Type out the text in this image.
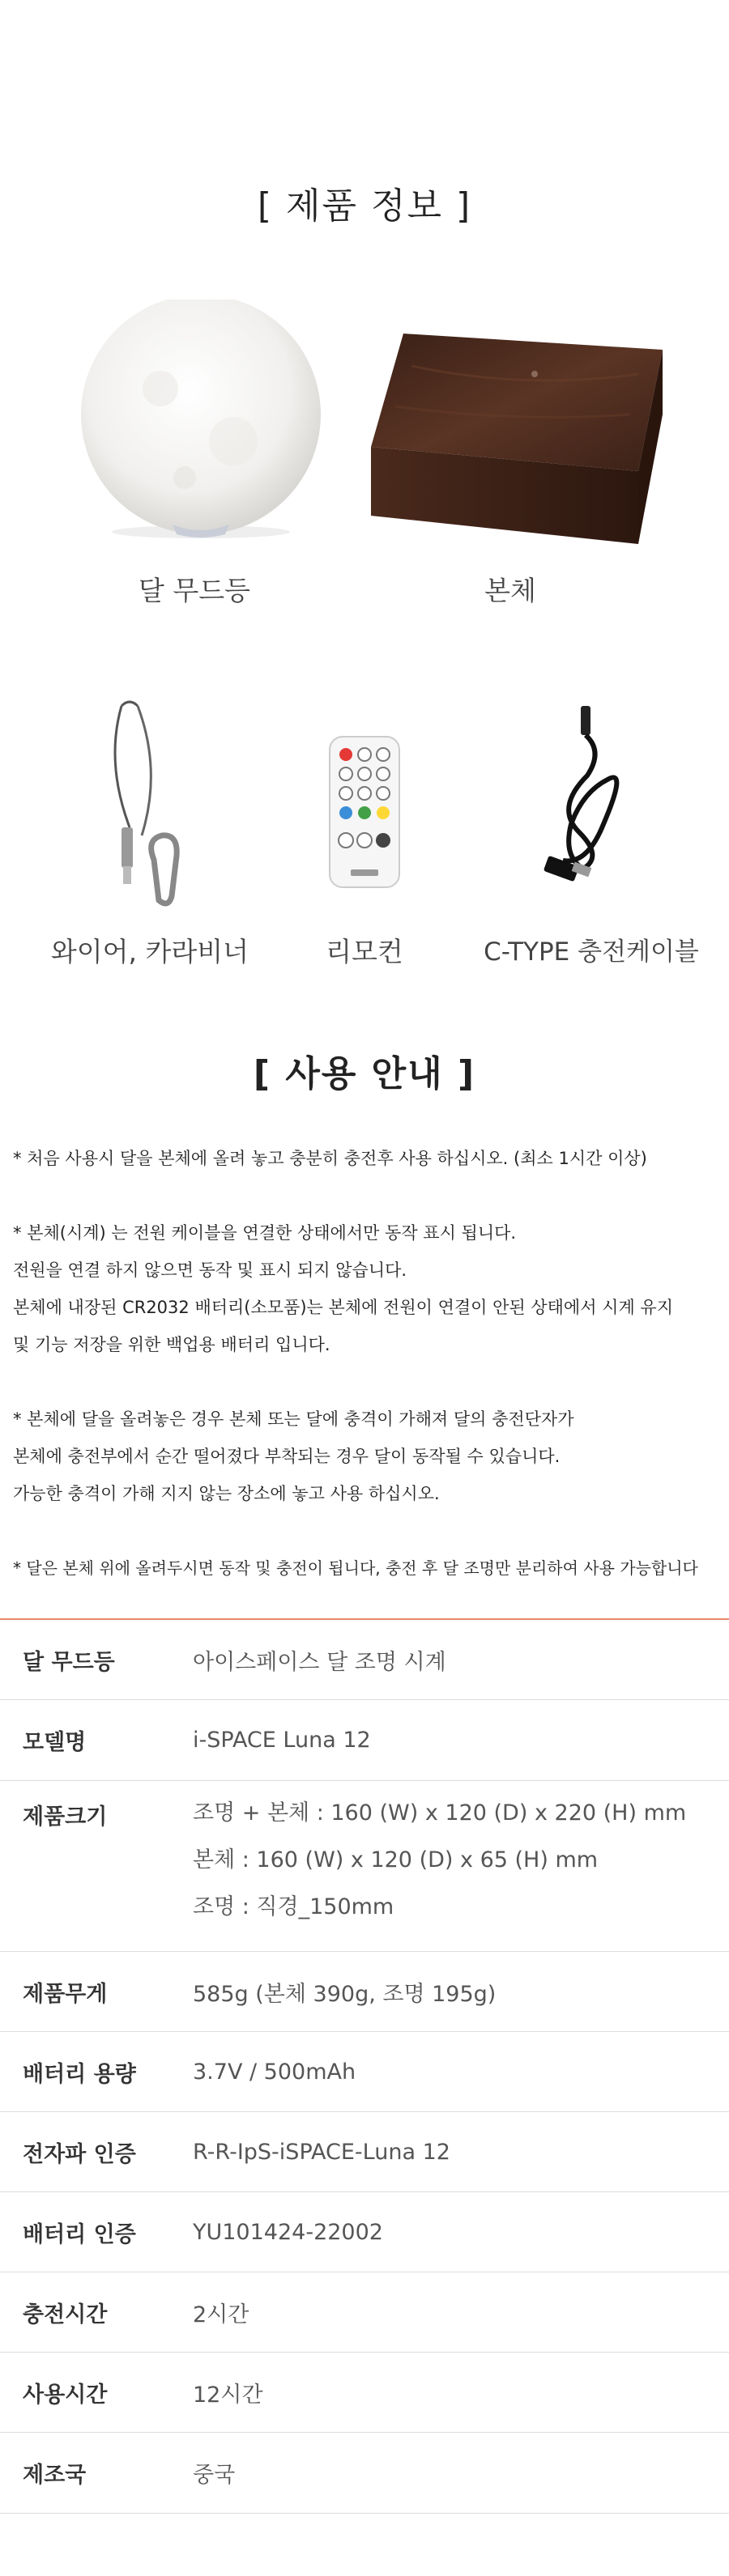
[ 제품 정보 ]
달 무드등	본체
와이어, 카라비너	리모컨	C-TYPE 충전케이블
[ 사용 안내 ]

* 처음 사용시 달을 본체에 올려 놓고 충분히 충전후 사용 하십시오. (최소 1시간 이상)

* 본체(시계) 는 전원 케이블을 연결한 상태에서만 동작 표시 됩니다.

전원을 연결 하지 않으면 동작 및 표시 되지 않습니다.

본체에 내장된 CR2032 배터리(소모품)는 본체에 전원이 연결이 안된 상태에서 시계 유지

및 기능 저장을 위한 백업용 배터리 입니다.

* 본체에 달을 올려놓은 경우 본체 또는 달에 충격이 가해져 달의 충전단자가

본체에 충전부에서 순간 떨어졌다 부착되는 경우 달이 동작될 수 있습니다.

가능한 충격이 가해 지지 않는 장소에 놓고 사용 하십시오.

* 달은 본체 위에 올려두시면 동작 및 충전이 됩니다, 충전 후 달 조명만 분리하여 사용 가능합니다

달 무드등	아이스페이스 달 조명 시계
모델명	i-SPACE Luna 12
제품크기	조명 + 본체 : 160 (W) x 120 (D) x 220 (H) mm
본체 : 160 (W) x 120 (D) x 65 (H) mm
조명 : 직경_150mm
제품무게	585g (본체 390g, 조명 195g)
배터리 용량	3.7V / 500mAh
전자파 인증	R-R-IpS-iSPACE-Luna 12
배터리 인증	YU101424-22002
충전시간	2시간
사용시간	12시간
제조국	중국
